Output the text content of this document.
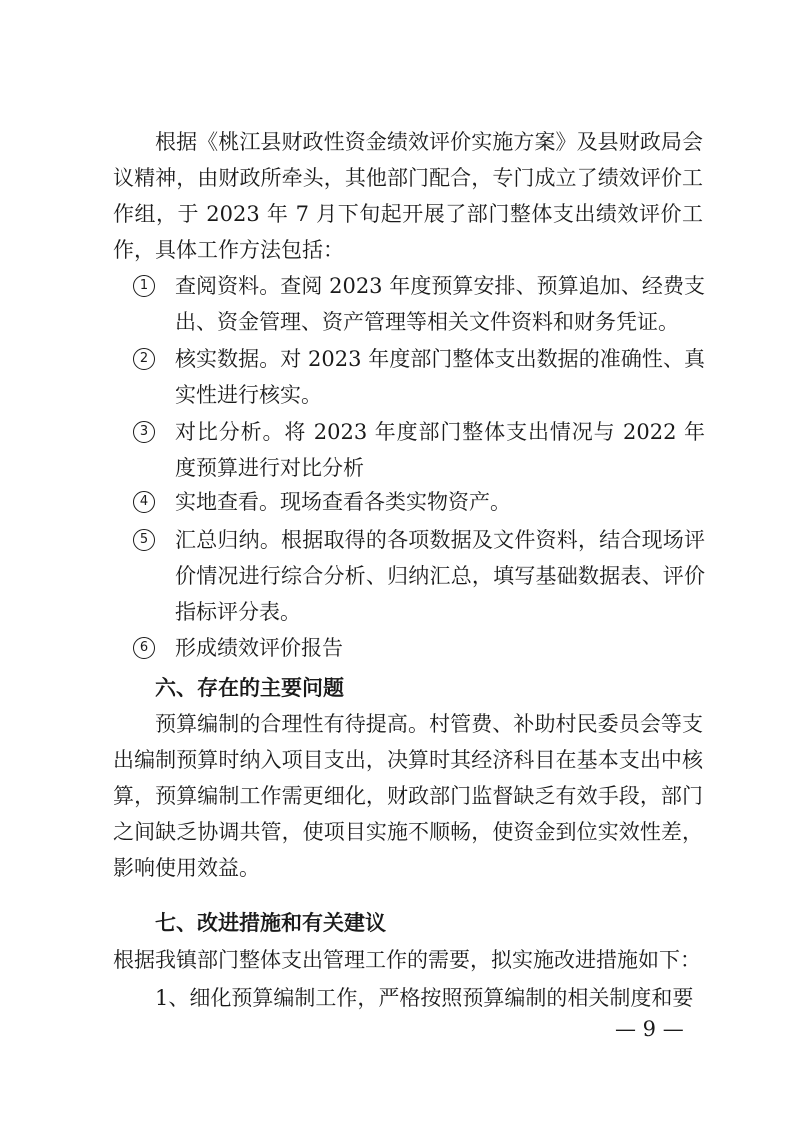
根据《桃江县财政性资金绩效评价实施方案》及县财政局会议精神，由财政所牵头，其他部门配合，专门成立了绩效评价工作组，于 2023 年 7 月下旬起开展了部门整体支出绩效评价工作，具体工作方法包括：

1	查阅资料。查阅 2023 年度预算安排、预算追加、经费支出、资金管理、资产管理等相关文件资料和财务凭证。
2	核实数据。对 2023 年度部门整体支出数据的准确性、真实性进行核实。
3	对比分析。将 2023 年度部门整体支出情况与 2022 年度预算进行对比分析
4	实地查看。现场查看各类实物资产。
5	汇总归纳。根据取得的各项数据及文件资料，结合现场评价情况进行综合分析、归纳汇总，填写基础数据表、评价指标评分表。
6	形成绩效评价报告
六、存在的主要问题

预算编制的合理性有待提高。村管费、补助村民委员会等支出编制预算时纳入项目支出，决算时其经济科目在基本支出中核算，预算编制工作需更细化，财政部门监督缺乏有效手段，部门之间缺乏协调共管，使项目实施不顺畅，使资金到位实效性差，影响使用效益。

七、改进措施和有关建议

根据我镇部门整体支出管理工作的需要，拟实施改进措施如下：

1、细化预算编制工作，严格按照预算编制的相关制度和要

— 9 —
